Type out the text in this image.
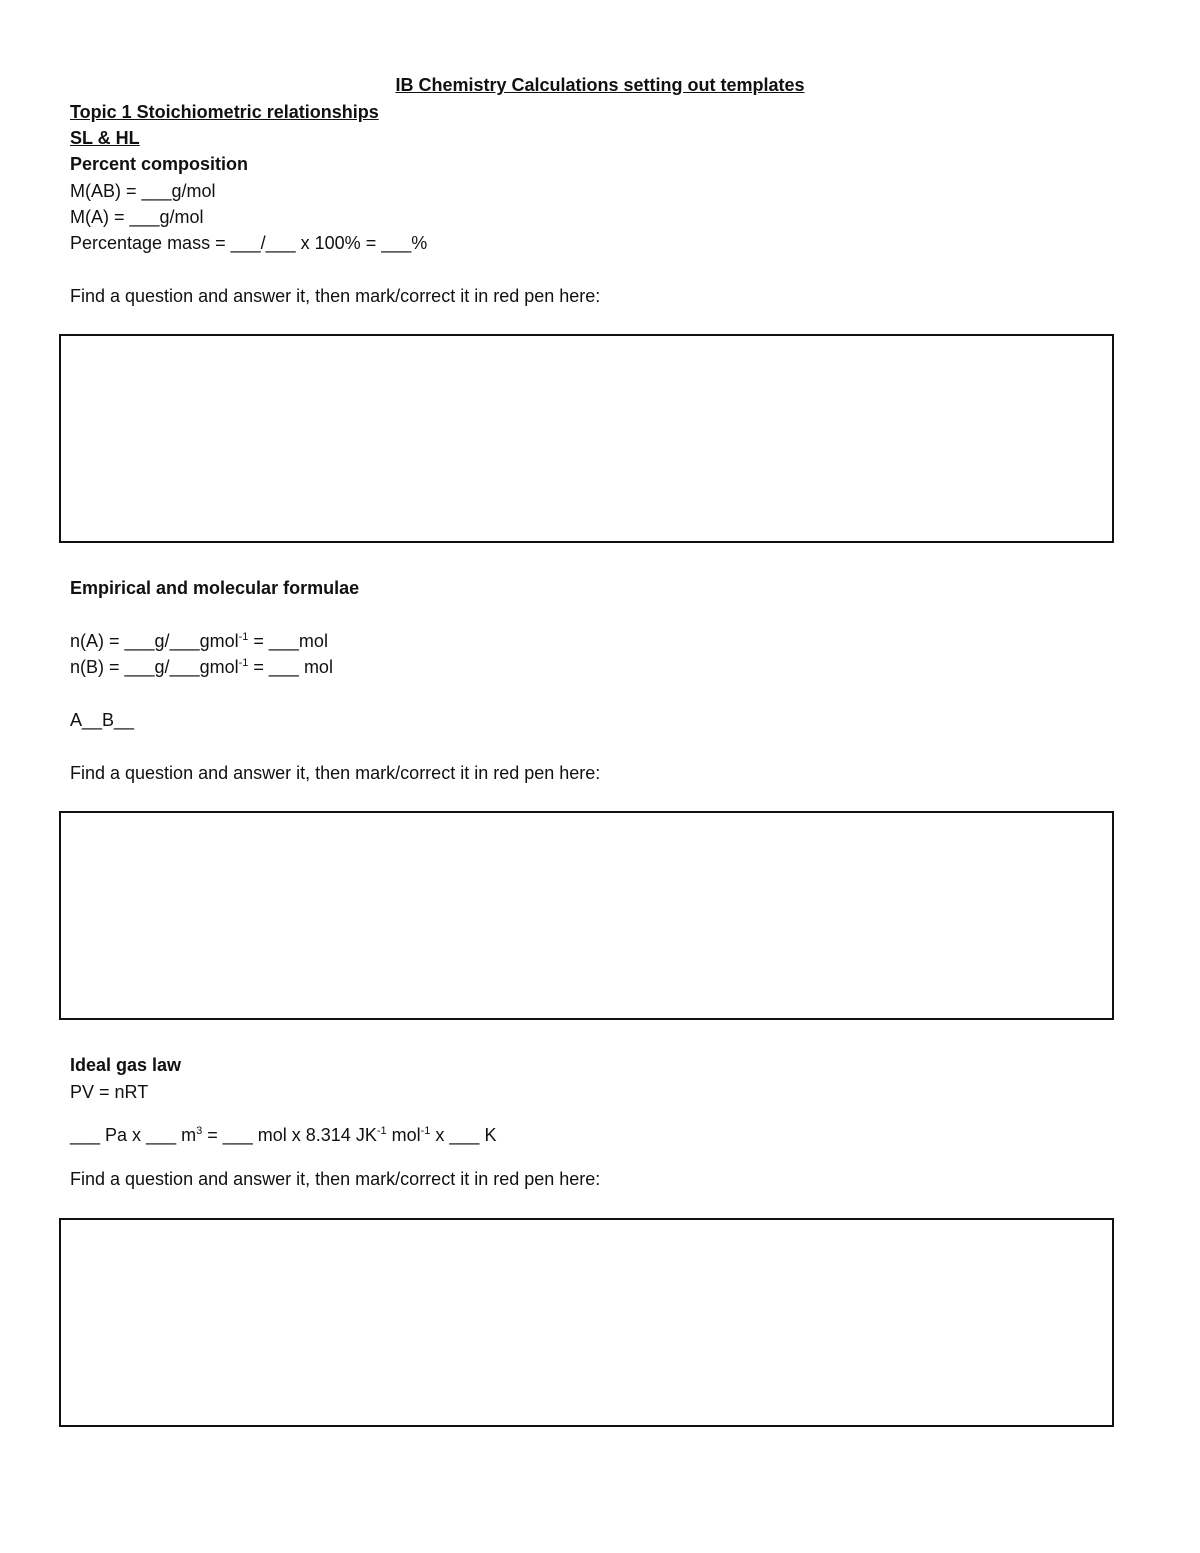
IB Chemistry Calculations setting out templates
Topic 1 Stoichiometric relationships
SL & HL
Percent composition
M(AB) = ___g/mol
M(A) = ___g/mol
Percentage mass = ___/___ x 100% = ___%
Find a question and answer it, then mark/correct it in red pen here:
Empirical and molecular formulae
n(A) = ___g/___gmol$^{-1}$ = ___mol
n(B) = ___g/___gmol$^{-1}$ = ___ mol
A__B__
Find a question and answer it, then mark/correct it in red pen here:
Ideal gas law
PV = nRT
___ Pa x ___ $m^3$ = ___ mol x 8.314 $JK^{-1}$ mol$^{-1}$ x ___ K
Find a question and answer it, then mark/correct it in red pen here:
